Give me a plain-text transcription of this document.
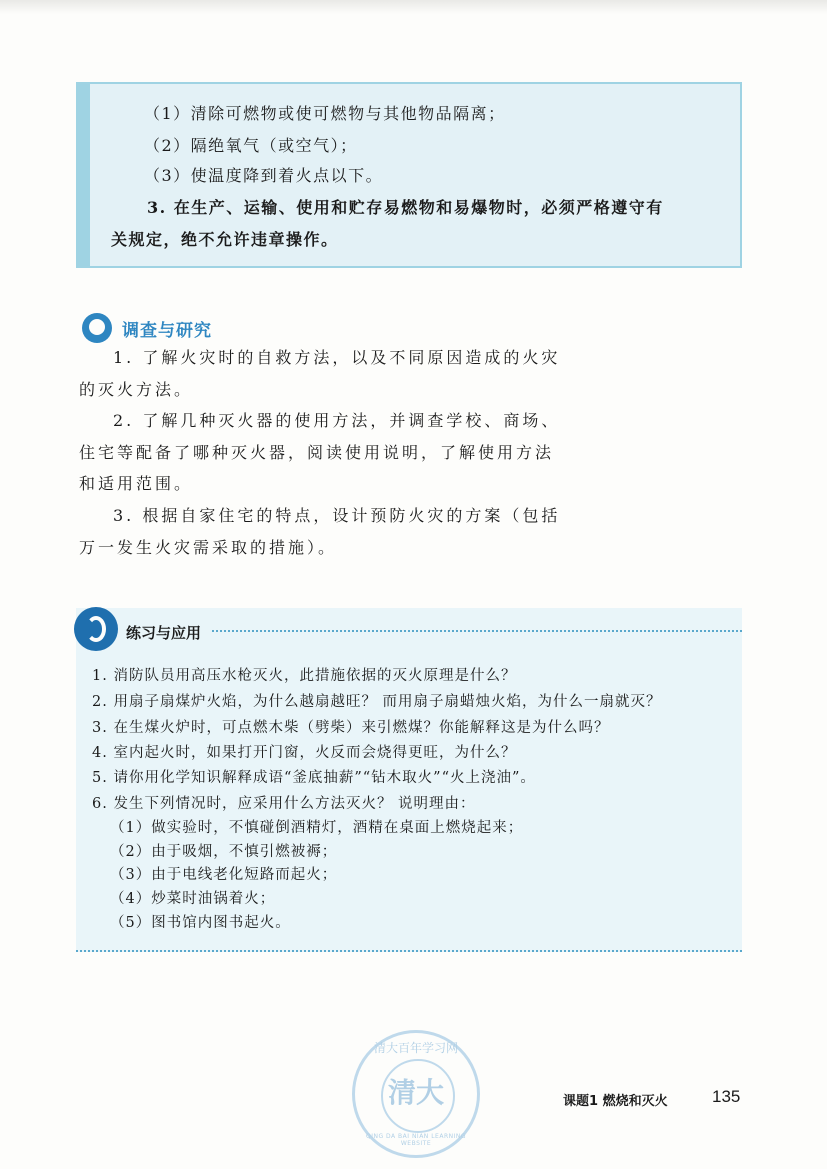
（1）清除可燃物或使可燃物与其他物品隔离；
（2）隔绝氧气（或空气）；
（3）使温度降到着火点以下。
3. 在生产、运输、使用和贮存易燃物和易爆物时，必须严格遵守有
关规定，绝不允许违章操作。
调查与研究
1. 了解火灾时的自救方法，以及不同原因造成的火灾
的灭火方法。
2. 了解几种灭火器的使用方法，并调查学校、商场、
住宅等配备了哪种灭火器，阅读使用说明，了解使用方法
和适用范围。
3. 根据自家住宅的特点，设计预防火灾的方案（包括
万一发生火灾需采取的措施）。
练习与应用
1. 消防队员用高压水枪灭火，此措施依据的灭火原理是什么？
2. 用扇子扇煤炉火焰，为什么越扇越旺？ 而用扇子扇蜡烛火焰，为什么一扇就灭？
3. 在生煤火炉时，可点燃木柴（劈柴）来引燃煤？你能解释这是为什么吗？
4. 室内起火时，如果打开门窗，火反而会烧得更旺，为什么？
5. 请你用化学知识解释成语“釜底抽薪”“钻木取火”“火上浇油”。
6. 发生下列情况时，应采用什么方法灭火？ 说明理由：
（1）做实验时，不慎碰倒酒精灯，酒精在桌面上燃烧起来；
（2）由于吸烟，不慎引燃被褥；
（3）由于电线老化短路而起火；
（4）炒菜时油锅着火；
（5）图书馆内图书起火。
清大百年学习网
清大
QING DA BAI NIAN LEARNING WEBSITE
课题1 燃烧和灭火	135
